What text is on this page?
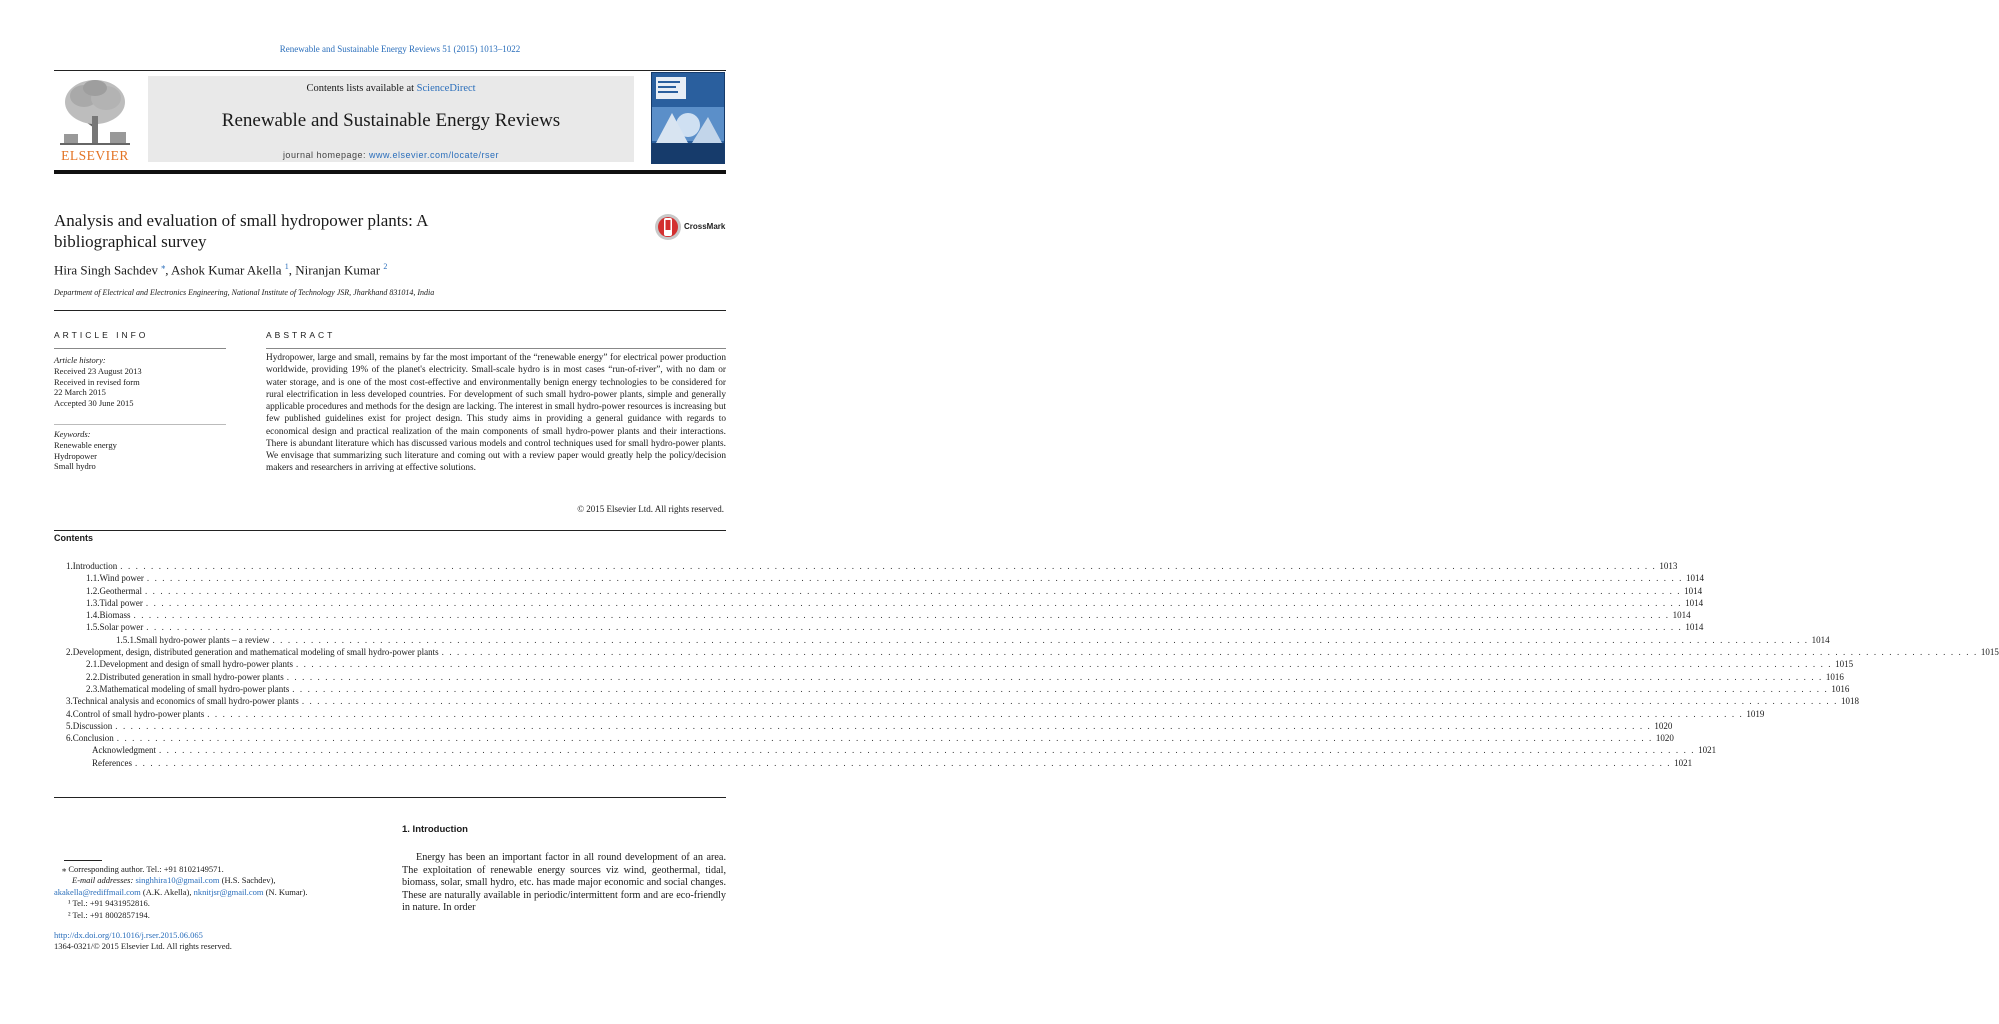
Renewable and Sustainable Energy Reviews 51 (2015) 1013–1022
ELSEVIER
Contents lists available at ScienceDirect
Renewable and Sustainable Energy Reviews
journal homepage: www.elsevier.com/locate/rser
Analysis and evaluation of small hydropower plants: A bibliographical survey
CrossMark
Hira Singh Sachdev ⁎, Ashok Kumar Akella $^1$, Niranjan Kumar $^2$
Department of Electrical and Electronics Engineering, National Institute of Technology JSR, Jharkhand 831014, India
ARTICLE INFO	ABSTRACT
Article history:
Received 23 August 2013
Received in revised form
22 March 2015
Accepted 30 June 2015
Keywords:
Renewable energy
Hydropower
Small hydro
Hydropower, large and small, remains by far the most important of the “renewable energy” for electrical power production worldwide, providing 19% of the planet's electricity. Small-scale hydro is in most cases “run-of-river”, with no dam or water storage, and is one of the most cost-effective and environmentally benign energy technologies to be considered for rural electrification in less developed countries. For development of such small hydro-power plants, simple and generally applicable procedures and methods for the design are lacking. The interest in small hydro-power resources is increasing but few published guidelines exist for project design. This study aims in providing a general guidance with regards to economical design and practical realization of the main components of small hydro-power plants and their interactions. There is abundant literature which has discussed various models and control techniques used for small hydro-power plants. We envisage that summarizing such literature and coming out with a review paper would greatly help the policy/decision makers and researchers in arriving at effective solutions.
© 2015 Elsevier Ltd. All rights reserved.
Contents
1. Introduction . . . . . . . . . . . . . . . . . . . . . . . . . . . . . . . . . . . . . . . . . . . . . . . . . . . . . . . . . . . . . . . . . . . . . . . . . . . . . . . . . . . . . . . . . . . . . . . . . . . . . . . . . . . . . . . . . . . . . . . . . . . . . . . . . . . . . . . . . . . . . . . . . . . . . . . . . . . . . . . . . . . . . . . . . . . . . . . . . . . . . . . . . . . . . . . . . . . . . . . . 1013
1.1. Wind power . . . . . . . . . . . . . . . . . . . . . . . . . . . . . . . . . . . . . . . . . . . . . . . . . . . . . . . . . . . . . . . . . . . . . . . . . . . . . . . . . . . . . . . . . . . . . . . . . . . . . . . . . . . . . . . . . . . . . . . . . . . . . . . . . . . . . . . . . . . . . . . . . . . . . . . . . . . . . . . . . . . . . . . . . . . . . . . . . . . . . . . . . . . . . . . . . . . . . . . . 1014
1.2. Geothermal . . . . . . . . . . . . . . . . . . . . . . . . . . . . . . . . . . . . . . . . . . . . . . . . . . . . . . . . . . . . . . . . . . . . . . . . . . . . . . . . . . . . . . . . . . . . . . . . . . . . . . . . . . . . . . . . . . . . . . . . . . . . . . . . . . . . . . . . . . . . . . . . . . . . . . . . . . . . . . . . . . . . . . . . . . . . . . . . . . . . . . . . . . . . . . . . . . . . . . . . 1014
1.3. Tidal power . . . . . . . . . . . . . . . . . . . . . . . . . . . . . . . . . . . . . . . . . . . . . . . . . . . . . . . . . . . . . . . . . . . . . . . . . . . . . . . . . . . . . . . . . . . . . . . . . . . . . . . . . . . . . . . . . . . . . . . . . . . . . . . . . . . . . . . . . . . . . . . . . . . . . . . . . . . . . . . . . . . . . . . . . . . . . . . . . . . . . . . . . . . . . . . . . . . . . . . . 1014
1.4. Biomass . . . . . . . . . . . . . . . . . . . . . . . . . . . . . . . . . . . . . . . . . . . . . . . . . . . . . . . . . . . . . . . . . . . . . . . . . . . . . . . . . . . . . . . . . . . . . . . . . . . . . . . . . . . . . . . . . . . . . . . . . . . . . . . . . . . . . . . . . . . . . . . . . . . . . . . . . . . . . . . . . . . . . . . . . . . . . . . . . . . . . . . . . . . . . . . . . . . . . . . . 1014
1.5. Solar power . . . . . . . . . . . . . . . . . . . . . . . . . . . . . . . . . . . . . . . . . . . . . . . . . . . . . . . . . . . . . . . . . . . . . . . . . . . . . . . . . . . . . . . . . . . . . . . . . . . . . . . . . . . . . . . . . . . . . . . . . . . . . . . . . . . . . . . . . . . . . . . . . . . . . . . . . . . . . . . . . . . . . . . . . . . . . . . . . . . . . . . . . . . . . . . . . . . . . . . . 1014
1.5.1. Small hydro-power plants – a review . . . . . . . . . . . . . . . . . . . . . . . . . . . . . . . . . . . . . . . . . . . . . . . . . . . . . . . . . . . . . . . . . . . . . . . . . . . . . . . . . . . . . . . . . . . . . . . . . . . . . . . . . . . . . . . . . . . . . . . . . . . . . . . . . . . . . . . . . . . . . . . . . . . . . . . . . . . . . . . . . . . . . . . . . . . . . . . . . . . . . . . . . . . . . . . . . . . . . . . . 1014
2. Development, design, distributed generation and mathematical modeling of small hydro-power plants . . . . . . . . . . . . . . . . . . . . . . . . . . . . . . . . . . . . . . . . . . . . . . . . . . . . . . . . . . . . . . . . . . . . . . . . . . . . . . . . . . . . . . . . . . . . . . . . . . . . . . . . . . . . . . . . . . . . . . . . . . . . . . . . . . . . . . . . . . . . . . . . . . . . . . . . . . . . . . . . . . . . . . . . . . . . . . . . . . . . . . . . . . . . . . . . . . . . . . . . 1015
2.1. Development and design of small hydro-power plants . . . . . . . . . . . . . . . . . . . . . . . . . . . . . . . . . . . . . . . . . . . . . . . . . . . . . . . . . . . . . . . . . . . . . . . . . . . . . . . . . . . . . . . . . . . . . . . . . . . . . . . . . . . . . . . . . . . . . . . . . . . . . . . . . . . . . . . . . . . . . . . . . . . . . . . . . . . . . . . . . . . . . . . . . . . . . . . . . . . . . . . . . . . . . . . . . . . . . . . . 1015
2.2. Distributed generation in small hydro-power plants . . . . . . . . . . . . . . . . . . . . . . . . . . . . . . . . . . . . . . . . . . . . . . . . . . . . . . . . . . . . . . . . . . . . . . . . . . . . . . . . . . . . . . . . . . . . . . . . . . . . . . . . . . . . . . . . . . . . . . . . . . . . . . . . . . . . . . . . . . . . . . . . . . . . . . . . . . . . . . . . . . . . . . . . . . . . . . . . . . . . . . . . . . . . . . . . . . . . . . . . 1016
2.3. Mathematical modeling of small hydro-power plants . . . . . . . . . . . . . . . . . . . . . . . . . . . . . . . . . . . . . . . . . . . . . . . . . . . . . . . . . . . . . . . . . . . . . . . . . . . . . . . . . . . . . . . . . . . . . . . . . . . . . . . . . . . . . . . . . . . . . . . . . . . . . . . . . . . . . . . . . . . . . . . . . . . . . . . . . . . . . . . . . . . . . . . . . . . . . . . . . . . . . . . . . . . . . . . . . . . . . . . . 1016
3. Technical analysis and economics of small hydro-power plants . . . . . . . . . . . . . . . . . . . . . . . . . . . . . . . . . . . . . . . . . . . . . . . . . . . . . . . . . . . . . . . . . . . . . . . . . . . . . . . . . . . . . . . . . . . . . . . . . . . . . . . . . . . . . . . . . . . . . . . . . . . . . . . . . . . . . . . . . . . . . . . . . . . . . . . . . . . . . . . . . . . . . . . . . . . . . . . . . . . . . . . . . . . . . . . . . . . . . . . . 1018
4. Control of small hydro-power plants . . . . . . . . . . . . . . . . . . . . . . . . . . . . . . . . . . . . . . . . . . . . . . . . . . . . . . . . . . . . . . . . . . . . . . . . . . . . . . . . . . . . . . . . . . . . . . . . . . . . . . . . . . . . . . . . . . . . . . . . . . . . . . . . . . . . . . . . . . . . . . . . . . . . . . . . . . . . . . . . . . . . . . . . . . . . . . . . . . . . . . . . . . . . . . . . . . . . . . . . 1019
5. Discussion . . . . . . . . . . . . . . . . . . . . . . . . . . . . . . . . . . . . . . . . . . . . . . . . . . . . . . . . . . . . . . . . . . . . . . . . . . . . . . . . . . . . . . . . . . . . . . . . . . . . . . . . . . . . . . . . . . . . . . . . . . . . . . . . . . . . . . . . . . . . . . . . . . . . . . . . . . . . . . . . . . . . . . . . . . . . . . . . . . . . . . . . . . . . . . . . . . . . . . . . 1020
6. Conclusion . . . . . . . . . . . . . . . . . . . . . . . . . . . . . . . . . . . . . . . . . . . . . . . . . . . . . . . . . . . . . . . . . . . . . . . . . . . . . . . . . . . . . . . . . . . . . . . . . . . . . . . . . . . . . . . . . . . . . . . . . . . . . . . . . . . . . . . . . . . . . . . . . . . . . . . . . . . . . . . . . . . . . . . . . . . . . . . . . . . . . . . . . . . . . . . . . . . . . . . . 1020
Acknowledgment . . . . . . . . . . . . . . . . . . . . . . . . . . . . . . . . . . . . . . . . . . . . . . . . . . . . . . . . . . . . . . . . . . . . . . . . . . . . . . . . . . . . . . . . . . . . . . . . . . . . . . . . . . . . . . . . . . . . . . . . . . . . . . . . . . . . . . . . . . . . . . . . . . . . . . . . . . . . . . . . . . . . . . . . . . . . . . . . . . . . . . . . . . . . . . . . . . . . . . . . 1021
References . . . . . . . . . . . . . . . . . . . . . . . . . . . . . . . . . . . . . . . . . . . . . . . . . . . . . . . . . . . . . . . . . . . . . . . . . . . . . . . . . . . . . . . . . . . . . . . . . . . . . . . . . . . . . . . . . . . . . . . . . . . . . . . . . . . . . . . . . . . . . . . . . . . . . . . . . . . . . . . . . . . . . . . . . . . . . . . . . . . . . . . . . . . . . . . . . . . . . . . . 1021
⁎ Corresponding author. Tel.: +91 8102149571.
E-mail addresses: singhhira10@gmail.com (H.S. Sachdev),
akakella@rediffmail.com (A.K. Akella), nknitjsr@gmail.com (N. Kumar).
¹ Tel.: +91 9431952816.
² Tel.: +91 8002857194.
http://dx.doi.org/10.1016/j.rser.2015.06.065
1364-0321/© 2015 Elsevier Ltd. All rights reserved.
1. Introduction
Energy has been an important factor in all round development of an area. The exploitation of renewable energy sources viz wind, geothermal, tidal, biomass, solar, small hydro, etc. has made major economic and social changes. These are naturally available in periodic/intermittent form and are eco-friendly in nature. In order
